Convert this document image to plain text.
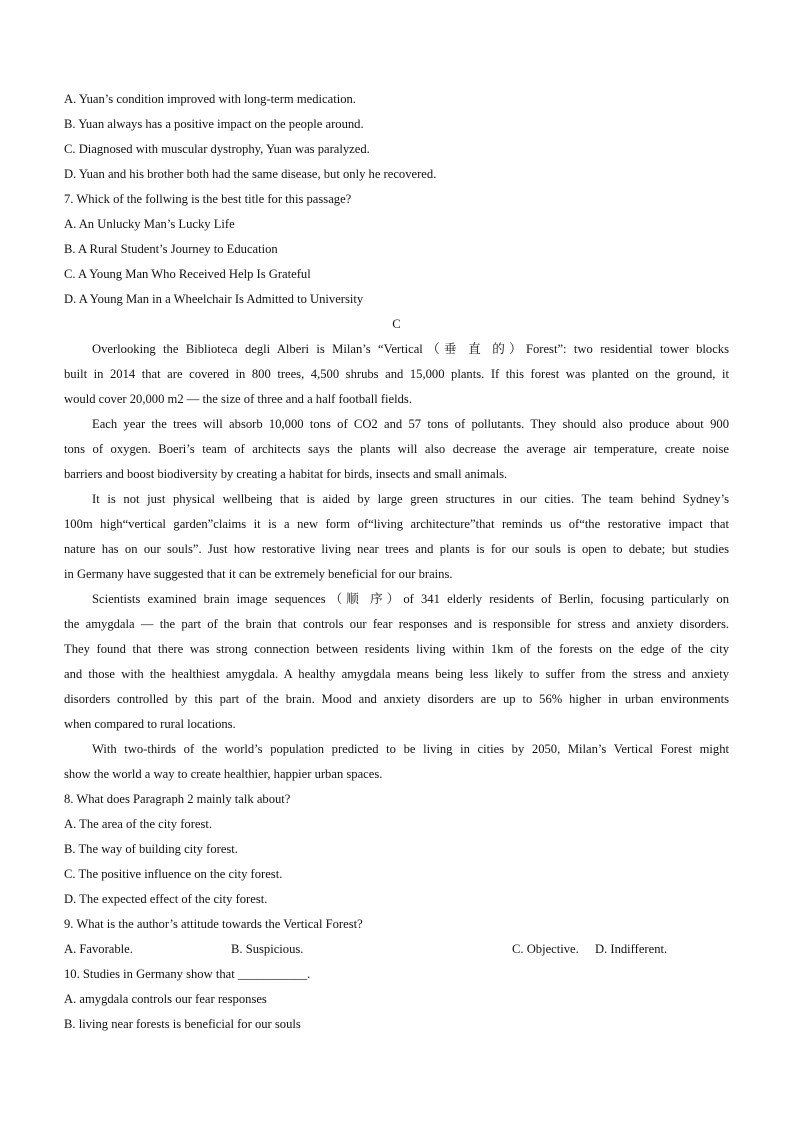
A. Yuan’s condition improved with long-term medication.
B. Yuan always has a positive impact on the people around.
C. Diagnosed with muscular dystrophy, Yuan was paralyzed.
D. Yuan and his brother both had the same disease, but only he recovered.
7. Whick of the follwing is the best title for this passage?
A. An Unlucky Man’s Lucky Life
B. A Rural Student’s Journey to Education
C. A Young Man Who Received Help Is Grateful
D. A Young Man in a Wheelchair Is Admitted to University
C
Overlooking the Biblioteca degli Alberi is Milan’s “Vertical（垂 直 的）Forest”: two residential tower blocks
built in 2014 that are covered in 800 trees, 4,500 shrubs and 15,000 plants. If this forest was planted on the ground, it
would cover 20,000 m2 — the size of three and a half football fields.
Each year the trees will absorb 10,000 tons of CO2 and 57 tons of pollutants. They should also produce about 900
tons of oxygen. Boeri’s team of architects says the plants will also decrease the average air temperature, create noise
barriers and boost biodiversity by creating a habitat for birds, insects and small animals.
It is not just physical wellbeing that is aided by large green structures in our cities. The team behind Sydney’s
100m high“vertical garden”claims it is a new form of“living architecture”that reminds us of“the restorative impact that
nature has on our souls”. Just how restorative living near trees and plants is for our souls is open to debate; but studies
in Germany have suggested that it can be extremely beneficial for our brains.
Scientists examined brain image sequences（顺 序）of 341 elderly residents of Berlin, focusing particularly on
the amygdala — the part of the brain that controls our fear responses and is responsible for stress and anxiety disorders.
They found that there was strong connection between residents living within 1km of the forests on the edge of the city
and those with the healthiest amygdala. A healthy amygdala means being less likely to suffer from the stress and anxiety
disorders controlled by this part of the brain. Mood and anxiety disorders are up to 56% higher in urban environments
when compared to rural locations.
With two-thirds of the world’s population predicted to be living in cities by 2050, Milan’s Vertical Forest might
show the world a way to create healthier, happier urban spaces.
8. What does Paragraph 2 mainly talk about?
A. The area of the city forest.
B. The way of building city forest.
C. The positive influence on the city forest.
D. The expected effect of the city forest.
9. What is the author’s attitude towards the Vertical Forest?
A. Favorable.	B. Suspicious.	C. Objective. D. Indifferent.
10. Studies in Germany show that ___________.
A. amygdala controls our fear responses
B. living near forests is beneficial for our souls
